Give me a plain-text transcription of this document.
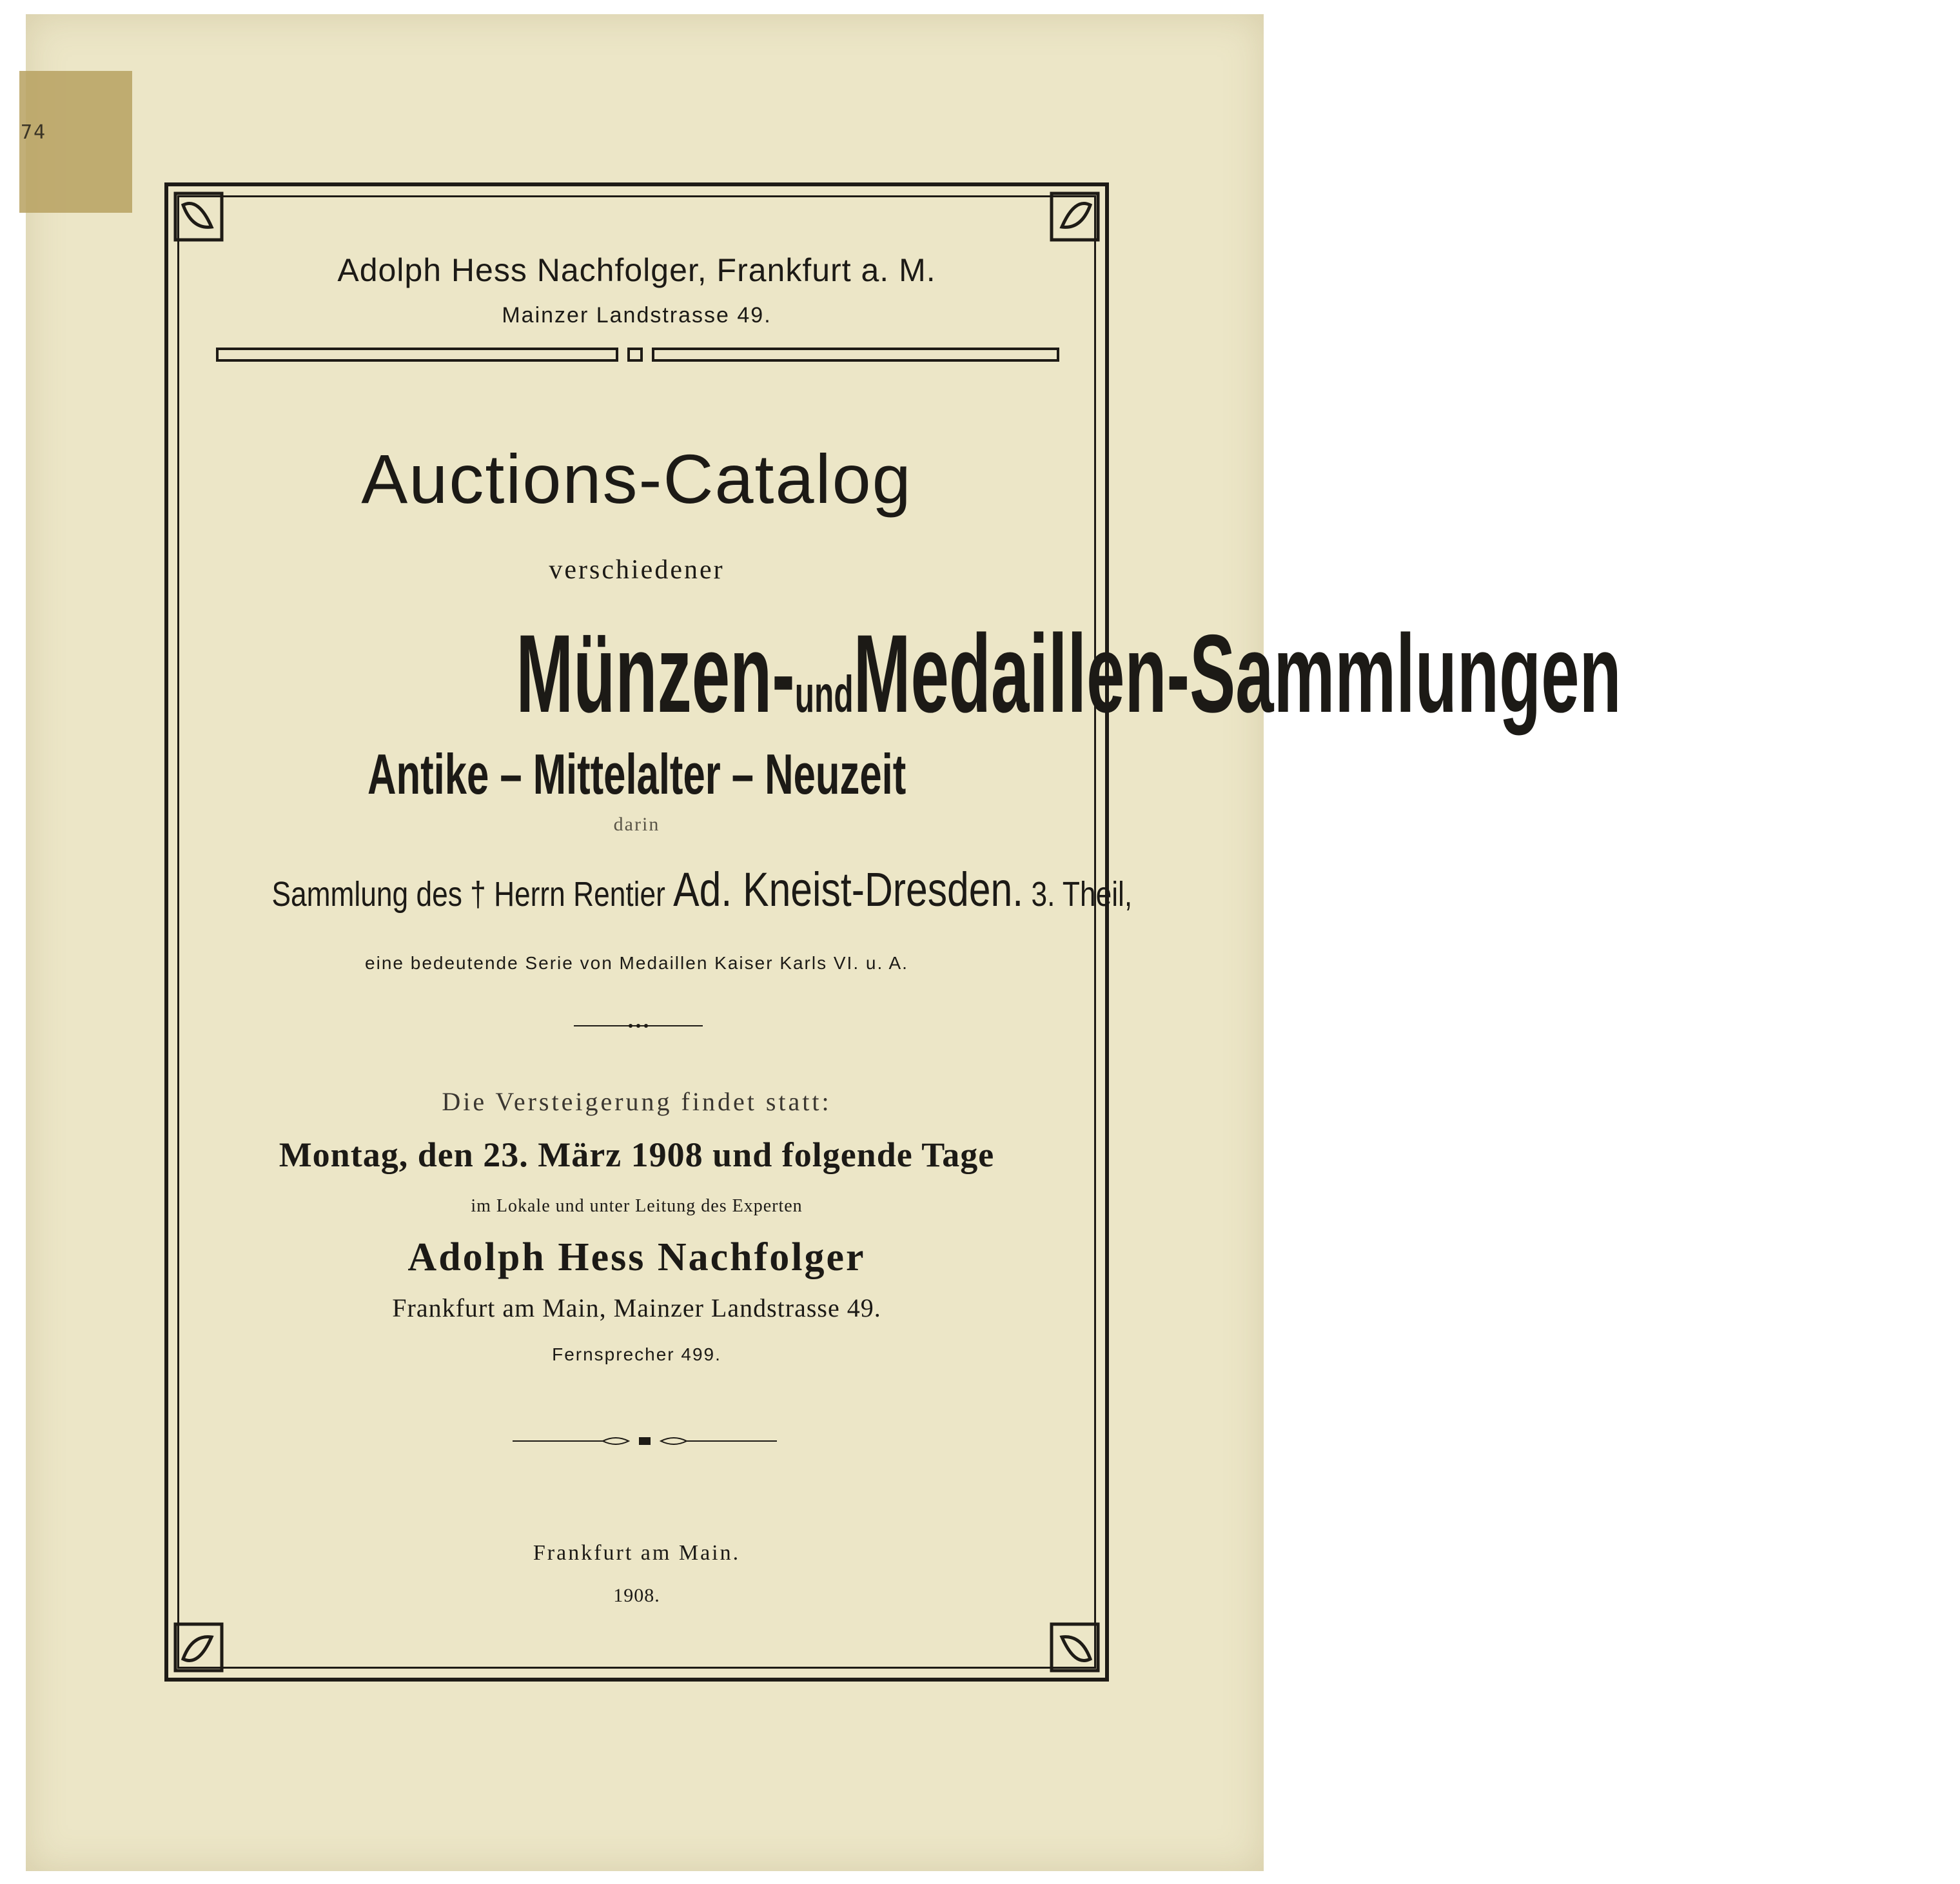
74
Adolph Hess Nachfolger, Frankfurt a. M.
Mainzer Landstrasse 49.
Auctions-Catalog
verschiedener
Münzen-undMedaillen-Sammlungen
Antike – Mittelalter – Neuzeit
darin
Sammlung des † Herrn Rentier Ad. Kneist-Dresden. 3. Theil,
eine bedeutende Serie von Medaillen Kaiser Karls VI. u. A.
Die Versteigerung findet statt:
Montag, den 23. März 1908 und folgende Tage
im Lokale und unter Leitung des Experten
Adolph Hess Nachfolger
Frankfurt am Main, Mainzer Landstrasse 49.
Fernsprecher 499.
Frankfurt am Main.
1908.
